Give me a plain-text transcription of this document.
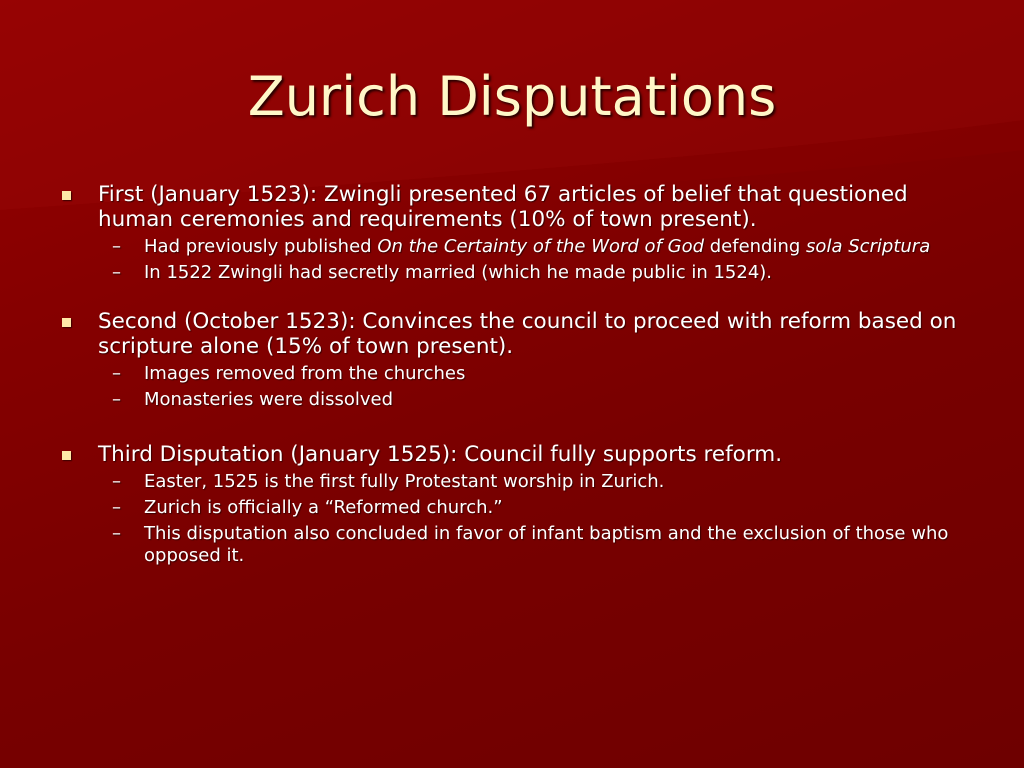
Zurich Disputations
First (January 1523): Zwingli presented 67 articles of belief that questioned human ceremonies and requirements (10% of town present).
– Had previously published On the Certainty of the Word of God defending sola Scriptura
– In 1522 Zwingli had secretly married (which he made public in 1524).
Second (October 1523): Convinces the council to proceed with reform based on scripture alone (15% of town present).
– Images removed from the churches
– Monasteries were dissolved
Third Disputation (January 1525): Council fully supports reform.
– Easter, 1525 is the first fully Protestant worship in Zurich.
– Zurich is officially a “Reformed church.”
– This disputation also concluded in favor of infant baptism and the exclusion of those who opposed it.
